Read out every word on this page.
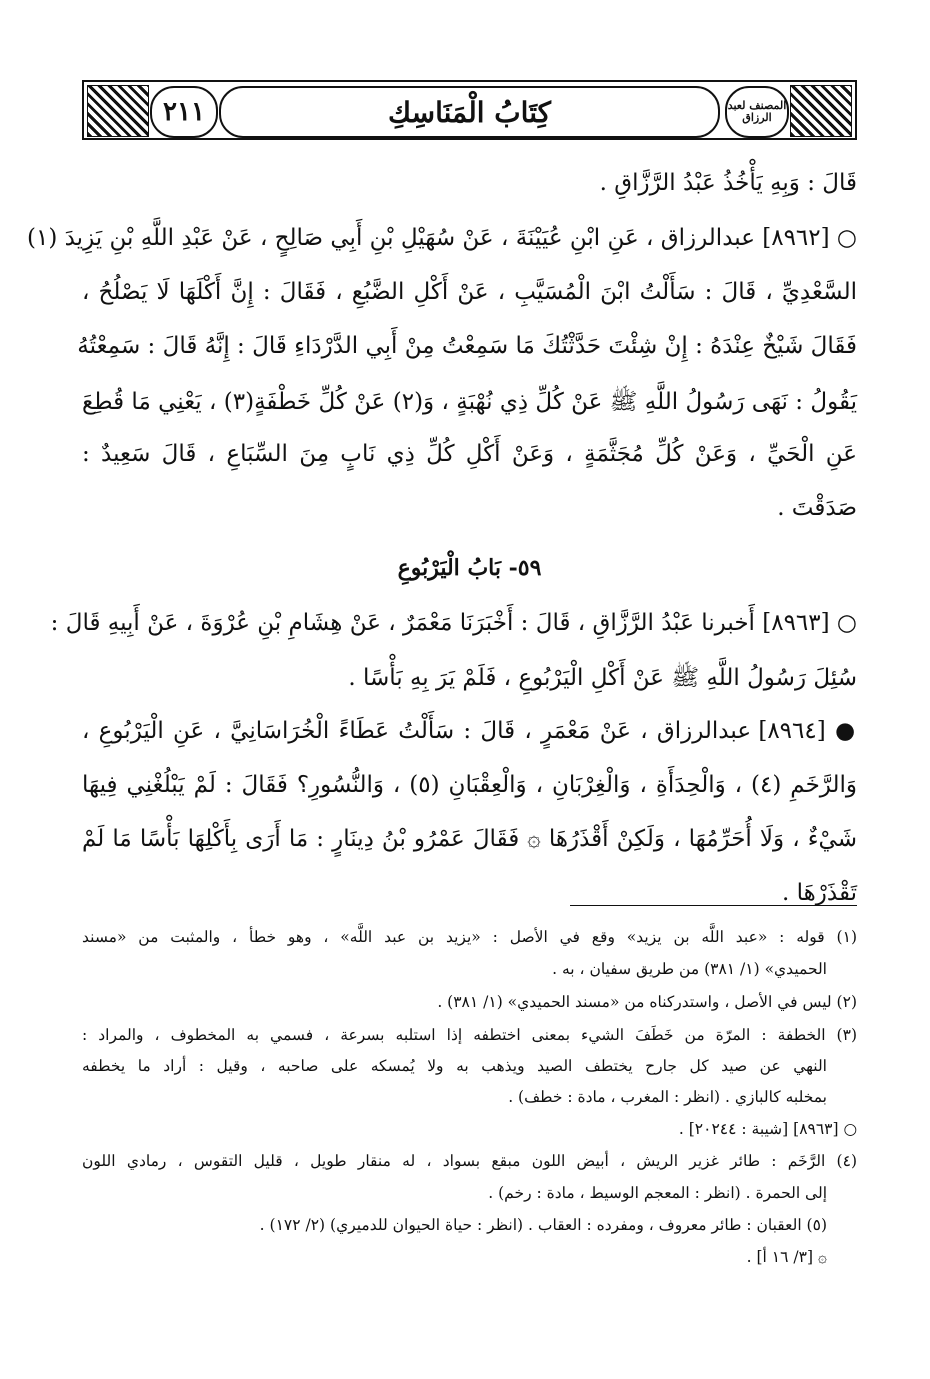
المصنف لعبد الرزاق
كِتَابُ الْمَنَاسِكِ
٢١١
قَالَ : وَبِهِ يَأْخُذُ عَبْدُ الرَّزَّاقِ .
○ [٨٩٦٢] عبدالرزاق ، عَنِ ابْنِ عُيَيْنَةَ ، عَنْ سُهَيْلِ بْنِ أَبِي صَالِحٍ ، عَنْ عَبْدِ اللَّهِ بْنِ يَزِيدَ (١)
السَّعْدِيِّ ، قَالَ : سَأَلْتُ ابْنَ الْمُسَيَّبِ ، عَنْ أَكْلِ الضَّبُعِ ، فَقَالَ : إِنَّ أَكْلَهَا لَا يَصْلُحُ ،
فَقَالَ شَيْخٌ عِنْدَهُ : إِنْ شِئْتَ حَدَّثْتُكَ مَا سَمِعْتُ مِنْ أَبِي الدَّرْدَاءِ قَالَ : إِنَّهُ قَالَ : سَمِعْتُهُ
يَقُولُ : نَهَى رَسُولُ اللَّهِ ﷺ عَنْ كُلِّ ذِي نُهْبَةٍ ، وَ(٢) عَنْ كُلِّ خَطْفَةٍ(٣) ، يَعْنِي مَا قُطِعَ
عَنِ الْحَيِّ ، وَعَنْ كُلِّ مُجَثَّمَةٍ ، وَعَنْ أَكْلِ كُلِّ ذِي نَابٍ مِنَ السِّبَاعِ ، قَالَ سَعِيدٌ :
صَدَقْتَ .
٥٩- بَابُ الْيَرْبُوعِ
○ [٨٩٦٣] أَخبرنا عَبْدُ الرَّزَّاقِ ، قَالَ : أَخْبَرَنَا مَعْمَرٌ ، عَنْ هِشَامِ بْنِ عُرْوَةَ ، عَنْ أَبِيهِ قَالَ :
سُئِلَ رَسُولُ اللَّهِ ﷺ عَنْ أَكْلِ الْيَرْبُوعِ ، فَلَمْ يَرَ بِهِ بَأْسًا .
● [٨٩٦٤] عبدالرزاق ، عَنْ مَعْمَرٍ ، قَالَ : سَأَلْتُ عَطَاءً الْخُرَاسَانِيَّ ، عَنِ الْيَرْبُوعِ ،
وَالرَّخَمِ (٤) ، وَالْحِدَأَةِ ، وَالْغِرْبَانِ ، وَالْعِقْبَانِ (٥) ، وَالنُّسُورِ؟ فَقَالَ : لَمْ يَبْلُغْنِي فِيهَا
شَيْءٌ ، وَلَا أُحَرِّمُهَا ، وَلَكِنْ أَقْذَرُهَا ۞ فَقَالَ عَمْرُو بْنُ دِينَارٍ : مَا أَرَى بِأَكْلِهَا بَأْسًا مَا لَمْ
تَقْذَرْهَا .
(١) قوله : «عبد اللَّه بن يزيد» وقع في الأصل : «يزيد بن عبد اللَّه» ، وهو خطأ ، والمثبت من «مسند
الحميدي» (١/ ٣٨١) من طريق سفيان ، به .
(٢) ليس في الأصل ، واستدركناه من «مسند الحميدي» (١/ ٣٨١) .
(٣) الخطفة : المرّة من خَطَفَ الشيء بمعنى اختطفه إذا استلبه بسرعة ، فسمي به المخطوف ، والمراد :
النهي عن صيد كل جارح يختطف الصيد ويذهب به ولا يُمسكه على صاحبه ، وقيل : أراد ما يخطفه
بمخلبه كالبازي . (انظر : المغرب ، مادة : خطف) .
○ [٨٩٦٣] [شيبة : ٢٠٢٤٤] .
(٤) الرَّخَم : طائر غزير الريش ، أبيض اللون مبقع بسواد ، له منقار طويل ، قليل التقوس ، رمادي اللون
إلى الحمرة . (انظر : المعجم الوسيط ، مادة : رخم) .
(٥) العقبان : طائر معروف ، ومفرده : العقاب . (انظر : حياة الحيوان للدميري) (٢/ ١٧٢) .
۞ [٣/ ١٦ أ] .
